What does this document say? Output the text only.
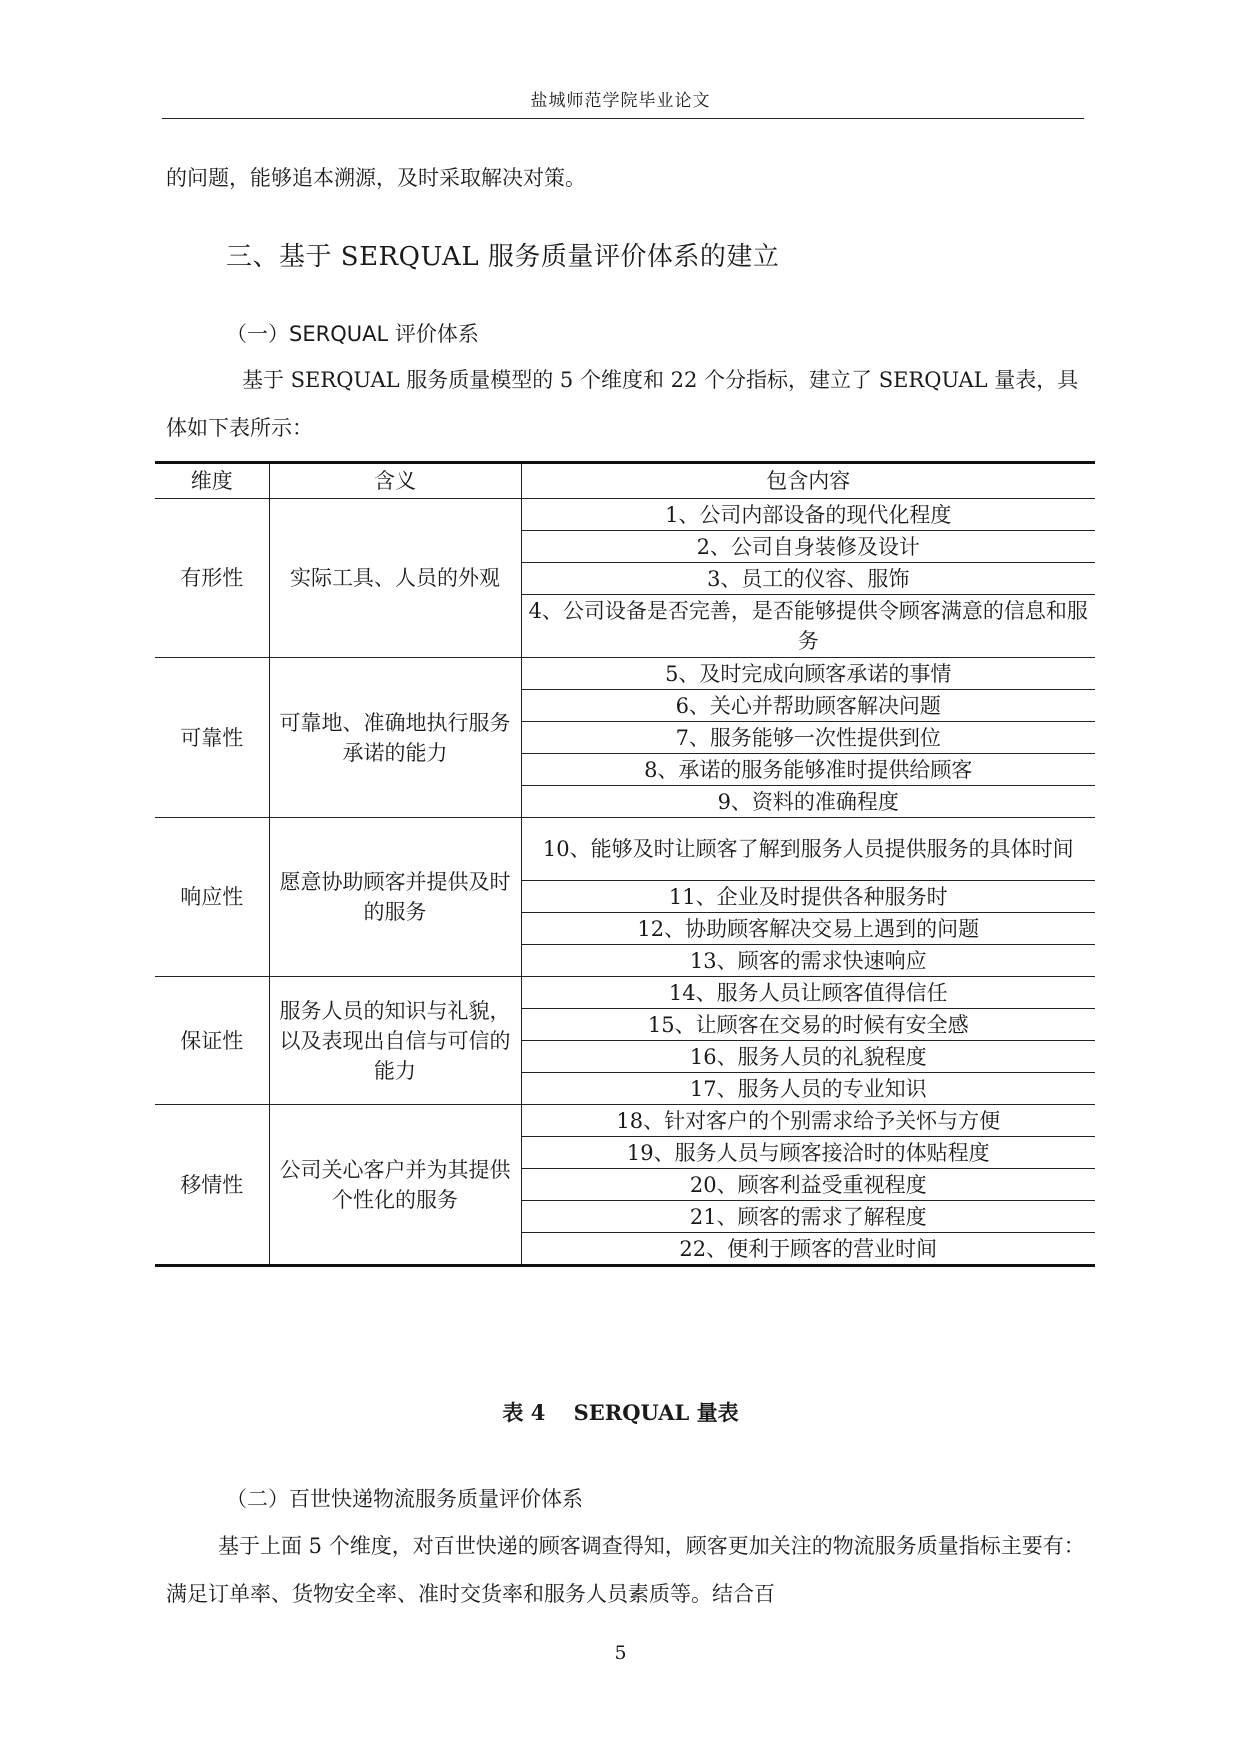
盐城师范学院毕业论文

的问题，能够追本溯源，及时采取解决对策。

三、基于 SERQUAL 服务质量评价体系的建立
（一）SERQUAL 评价体系

基于 SERQUAL 服务质量模型的 5 个维度和 22 个分指标，建立了 SERQUAL 量表，具体如下表所示：

维度	含义	包含内容
有形性	实际工具、人员的外观	1、公司内部设备的现代化程度
		2、公司自身装修及设计
		3、员工的仪容、服饰
		4、公司设备是否完善，是否能够提供令顾客满意的信息和服务
可靠性	可靠地、准确地执行服务承诺的能力	5、及时完成向顾客承诺的事情
		6、关心并帮助顾客解决问题
		7、服务能够一次性提供到位
		8、承诺的服务能够准时提供给顾客
		9、资料的准确程度
响应性	愿意协助顾客并提供及时的服务	10、能够及时让顾客了解到服务人员提供服务的具体时间
		11、企业及时提供各种服务时
		12、协助顾客解决交易上遇到的问题
		13、顾客的需求快速响应
保证性	服务人员的知识与礼貌，以及表现出自信与可信的能力	14、服务人员让顾客值得信任
		15、让顾客在交易的时候有安全感
		16、服务人员的礼貌程度
		17、服务人员的专业知识
移情性	公司关心客户并为其提供个性化的服务	18、针对客户的个别需求给予关怀与方便
		19、服务人员与顾客接洽时的体贴程度
		20、顾客利益受重视程度
		21、顾客的需求了解程度
		22、便利于顾客的营业时间
表 4　 SERQUAL 量表
（二）百世快递物流服务质量评价体系

基于上面 5 个维度，对百世快递的顾客调查得知，顾客更加关注的物流服务质量指标主要有：满足订单率、货物安全率、准时交货率和服务人员素质等。结合百

5
